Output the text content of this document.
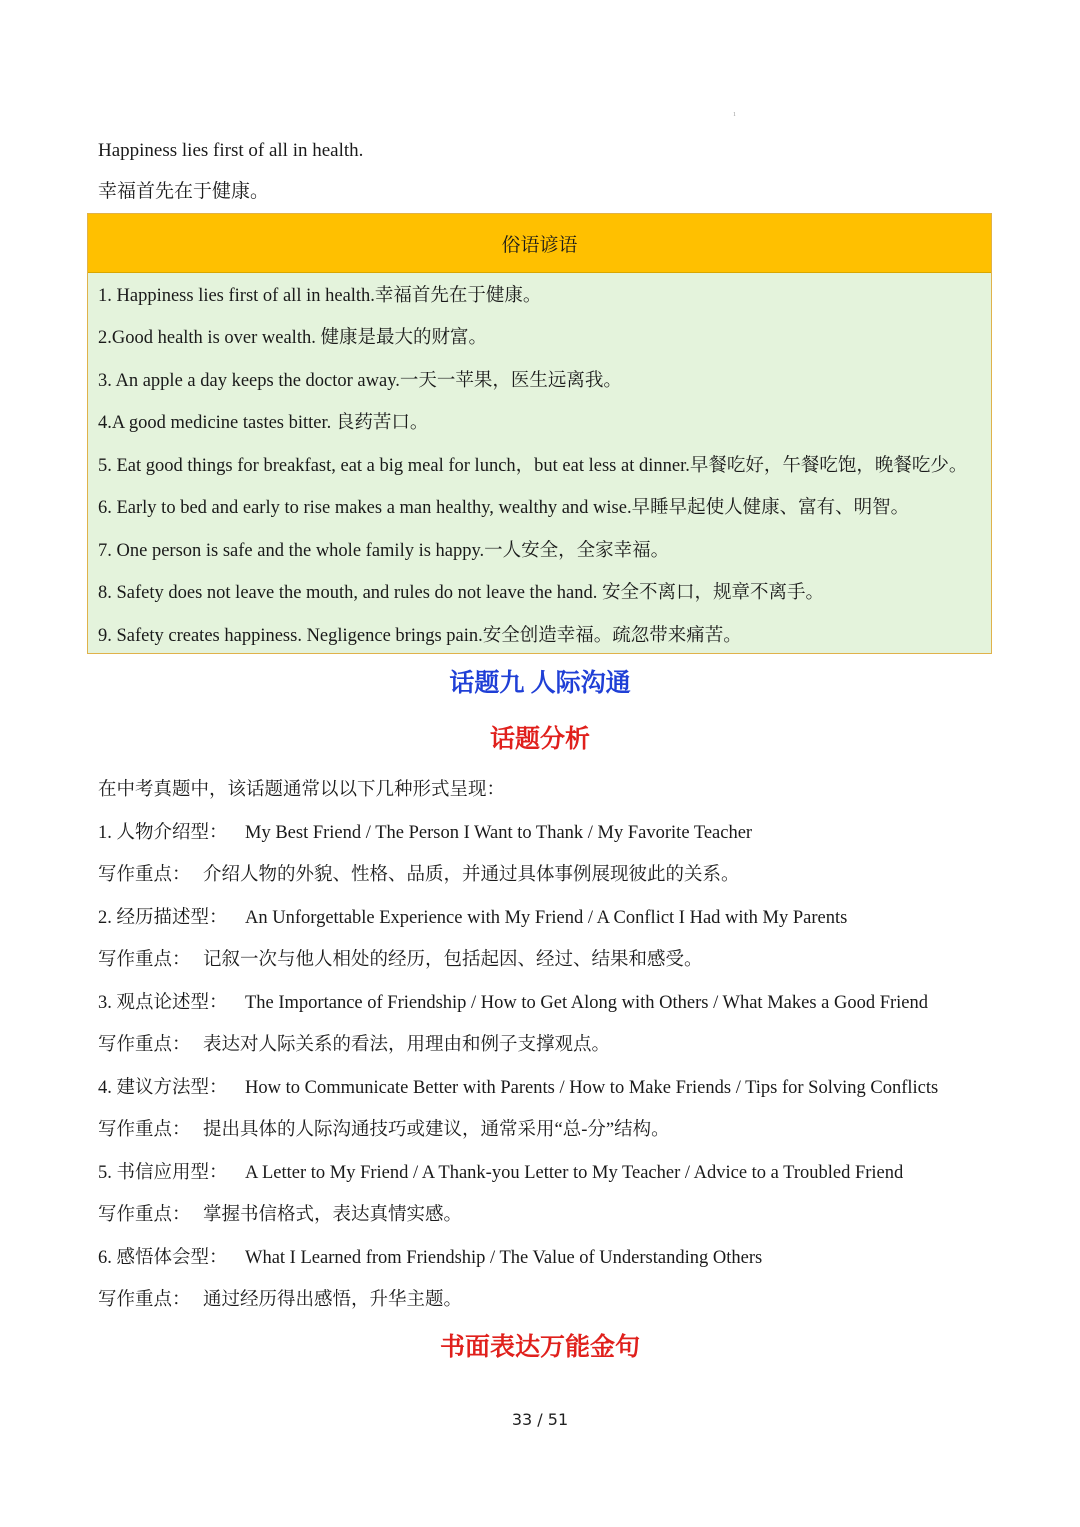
1
Happiness lies first of all in health.
幸福首先在于健康。
俗语谚语
1. Happiness lies first of all in health.幸福首先在于健康。
2.Good health is over wealth. 健康是最大的财富。
3. An apple a day keeps the doctor away.一天一苹果，医生远离我。
4.A good medicine tastes bitter. 良药苦口。
5. Eat good things for breakfast, eat a big meal for lunch，but eat less at dinner.早餐吃好，午餐吃饱，晚餐吃少。
6. Early to bed and early to rise makes a man healthy, wealthy and wise.早睡早起使人健康、富有、明智。
7. One person is safe and the whole family is happy.一人安全，全家幸福。
8. Safety does not leave the mouth, and rules do not leave the hand. 安全不离口，规章不离手。
9. Safety creates happiness. Negligence brings pain.安全创造幸福。疏忽带来痛苦。
话题九 人际沟通
话题分析
在中考真题中，该话题通常以以下几种形式呈现：
1. 人物介绍型： My Best Friend / The Person I Want to Thank / My Favorite Teacher
写作重点： 介绍人物的外貌、性格、品质，并通过具体事例展现彼此的关系。
2. 经历描述型： An Unforgettable Experience with My Friend / A Conflict I Had with My Parents
写作重点： 记叙一次与他人相处的经历，包括起因、经过、结果和感受。
3. 观点论述型： The Importance of Friendship / How to Get Along with Others / What Makes a Good Friend
写作重点： 表达对人际关系的看法，用理由和例子支撑观点。
4. 建议方法型： How to Communicate Better with Parents / How to Make Friends / Tips for Solving Conflicts
写作重点： 提出具体的人际沟通技巧或建议，通常采用“总-分”结构。
5. 书信应用型： A Letter to My Friend / A Thank-you Letter to My Teacher / Advice to a Troubled Friend
写作重点： 掌握书信格式，表达真情实感。
6. 感悟体会型： What I Learned from Friendship / The Value of Understanding Others
写作重点： 通过经历得出感悟，升华主题。
书面表达万能金句
33 / 51
